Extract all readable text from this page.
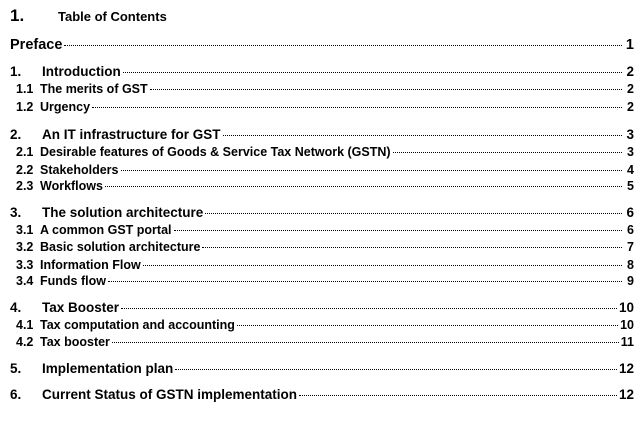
1.	Table of Contents
Preface	1
1.	Introduction	2
1.1 The merits of GST	2
1.2 Urgency	2
2.	An IT infrastructure for GST	3
2.1 Desirable features of Goods & Service Tax Network (GSTN)	3
2.2 Stakeholders	4
2.3 Workflows	5
3.	The solution architecture	6
3.1 A common GST portal	6
3.2 Basic solution architecture	7
3.3 Information Flow	8
3.4 Funds flow	9
4.	Tax Booster	10
4.1 Tax computation and accounting	10
4.2 Tax booster	11
5.	Implementation plan	12
6.	Current Status of GSTN implementation	12
